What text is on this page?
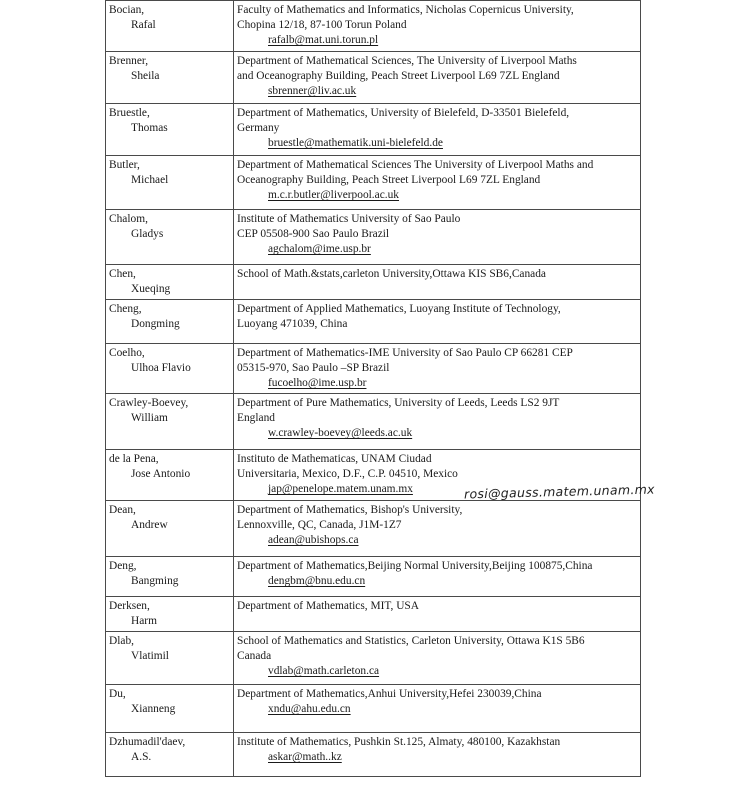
Bocian,
Rafal	Faculty of Mathematics and Informatics, Nicholas Copernicus University,
Chopina 12/18, 87-100 Torun Poland
rafalb@mat.uni.torun.pl

Brenner,
Sheila	Department of Mathematical Sciences, The University of Liverpool Maths
and Oceanography Building, Peach Street Liverpool L69 7ZL England
sbrenner@liv.ac.uk

Bruestle,
Thomas	Department of Mathematics, University of Bielefeld, D-33501 Bielefeld,
Germany
bruestle@mathematik.uni-bielefeld.de

Butler,
Michael	Department of Mathematical Sciences The University of Liverpool Maths and
Oceanography Building, Peach Street Liverpool L69 7ZL England
m.c.r.butler@liverpool.ac.uk

Chalom,
Gladys	Institute of Mathematics University of Sao Paulo
CEP 05508-900 Sao Paulo Brazil
agchalom@ime.usp.br

Chen,
Xueqing	School of Math.&stats,carleton University,Ottawa KIS SB6,Canada

Cheng,
Dongming	Department of Applied Mathematics, Luoyang Institute of Technology,
Luoyang 471039, China

Coelho,
Ulhoa Flavio	Department of Mathematics-IME University of Sao Paulo CP 66281 CEP
05315-970, Sao Paulo –SP Brazil
fucoelho@ime.usp.br

Crawley-Boevey,
William	Department of Pure Mathematics, University of Leeds, Leeds LS2 9JT
England
w.crawley-boevey@leeds.ac.uk

de la Pena,
Jose Antonio	Instituto de Mathematicas, UNAM Ciudad
Universitaria, Mexico, D.F., C.P. 04510, Mexico
jap@penelope.matem.unam.mx

Dean,
Andrew	Department of Mathematics, Bishop's University,
Lennoxville, QC, Canada, J1M-1Z7
adean@ubishops.ca

Deng,
Bangming	Department of Mathematics,Beijing Normal University,Beijing 100875,China
dengbm@bnu.edu.cn

Derksen,
Harm	Department of Mathematics, MIT, USA

Dlab,
Vlatimil	School of Mathematics and Statistics, Carleton University, Ottawa K1S 5B6
Canada
vdlab@math.carleton.ca

Du,
Xianneng	Department of Mathematics,Anhui University,Hefei 230039,China
xndu@ahu.edu.cn

Dzhumadil'daev,
A.S.	Institute of Mathematics, Pushkin St.125, Almaty, 480100, Kazakhstan
askar@math..kz
rosi@gauss.matem.unam.mx
